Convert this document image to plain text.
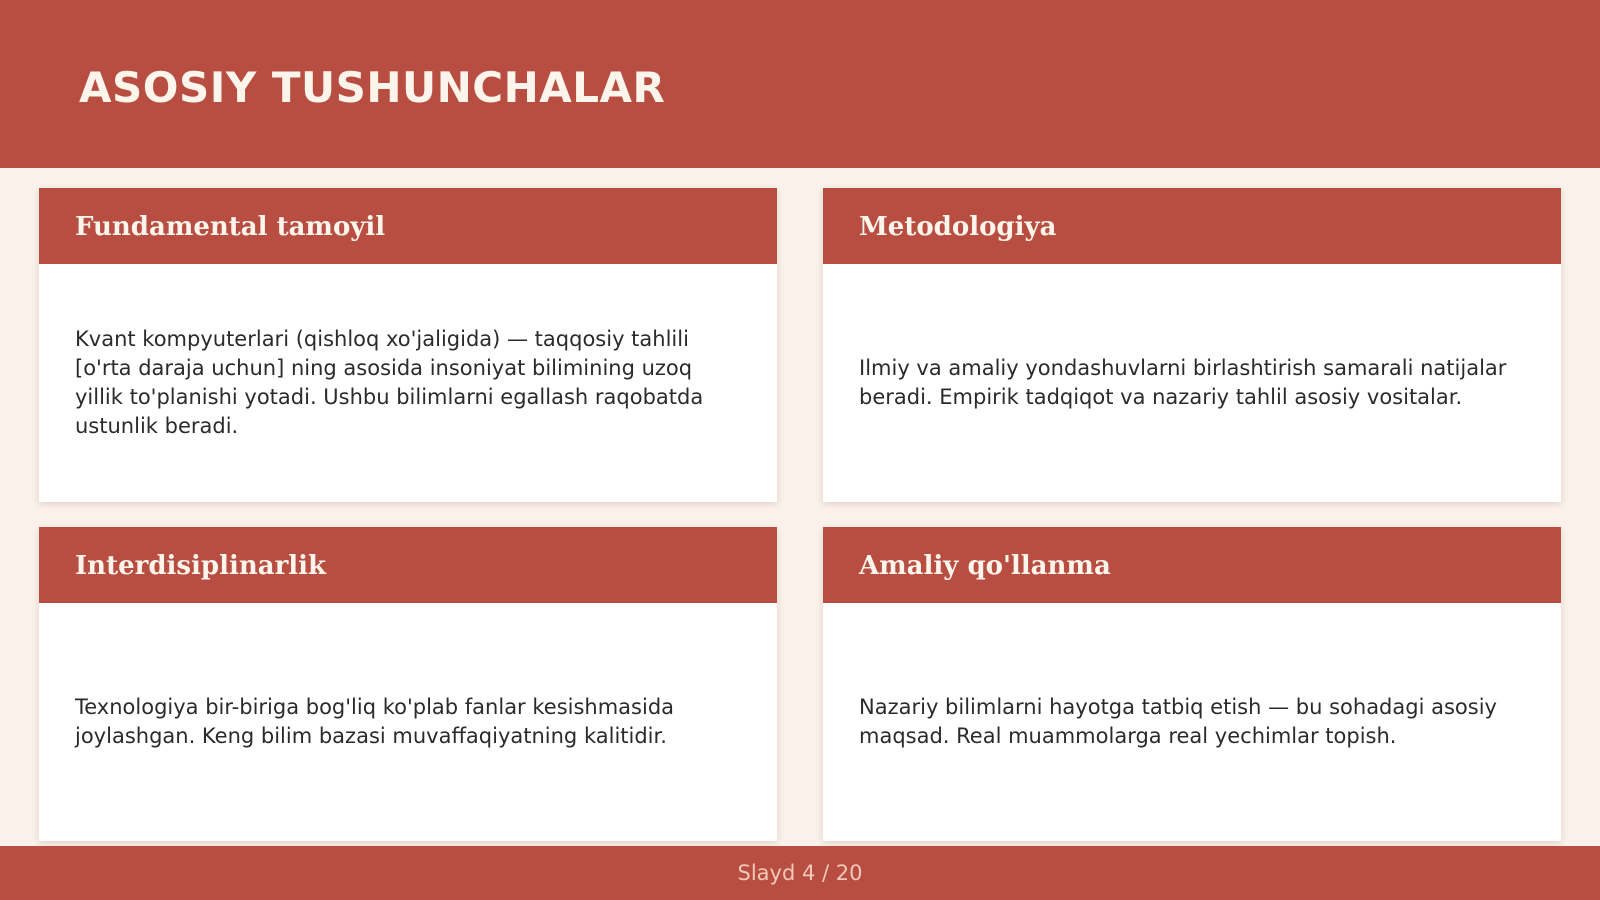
ASOSIY TUSHUNCHALAR
Fundamental tamoyil

Kvant kompyuterlari (qishloq xo'jaligida) — taqqosiy tahlili [o'rta daraja uchun] ning asosida insoniyat bilimining uzoq yillik to'planishi yotadi. Ushbu bilimlarni egallash raqobatda ustunlik beradi.

Metodologiya

Ilmiy va amaliy yondashuvlarni birlashtirish samarali natijalar beradi. Empirik tadqiqot va nazariy tahlil asosiy vositalar.

Interdisiplinarlik

Texnologiya bir-biriga bog'liq ko'plab fanlar kesishmasida joylashgan. Keng bilim bazasi muvaffaqiyatning kalitidir.

Amaliy qo'llanma

Nazariy bilimlarni hayotga tatbiq etish — bu sohadagi asosiy maqsad. Real muammolarga real yechimlar topish.

Slayd 4 / 20
